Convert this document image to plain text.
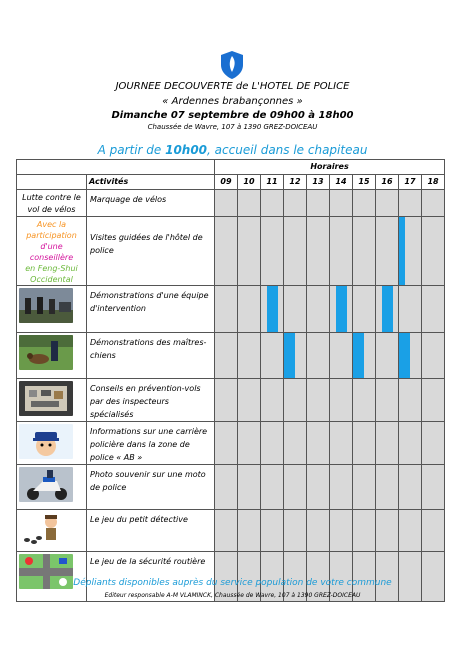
JOURNEE DECOUVERTE de L'HOTEL DE POLICE
« Ardennes brabançonnes »
Dimanche 07 septembre de 09h00 à 18h00
Chaussée de Wavre, 107 à 1390 GREZ-DOICEAU
A partir de 10h00, accueil dans le chapiteau
		Horaires									
	Activités	09	10	11	12	13	14	15	16	17	18
Lutte contre le vol de vélos	Marquage de vélos										
Avec la participation
d'une conseillère
en Feng-Shui Occidental	Visites guidées de l'hôtel de police									

	Démonstrations d'une équipe d'intervention			

	Démonstrations des maîtres-chiens				

	Conseils en prévention-vols par des inspecteurs spécialisés										
	Informations sur une carrière policière dans la zone de police « AB »										
	Photo souvenir sur une moto de police										
	Le jeu du petit détective										
	Le jeu de la sécurité routière										
Dépliants disponibles auprès du service population de votre commune
Editeur responsable A-M VLAMINCK, Chaussée de Wavre, 107 à 1390 GREZ-DOICEAU
